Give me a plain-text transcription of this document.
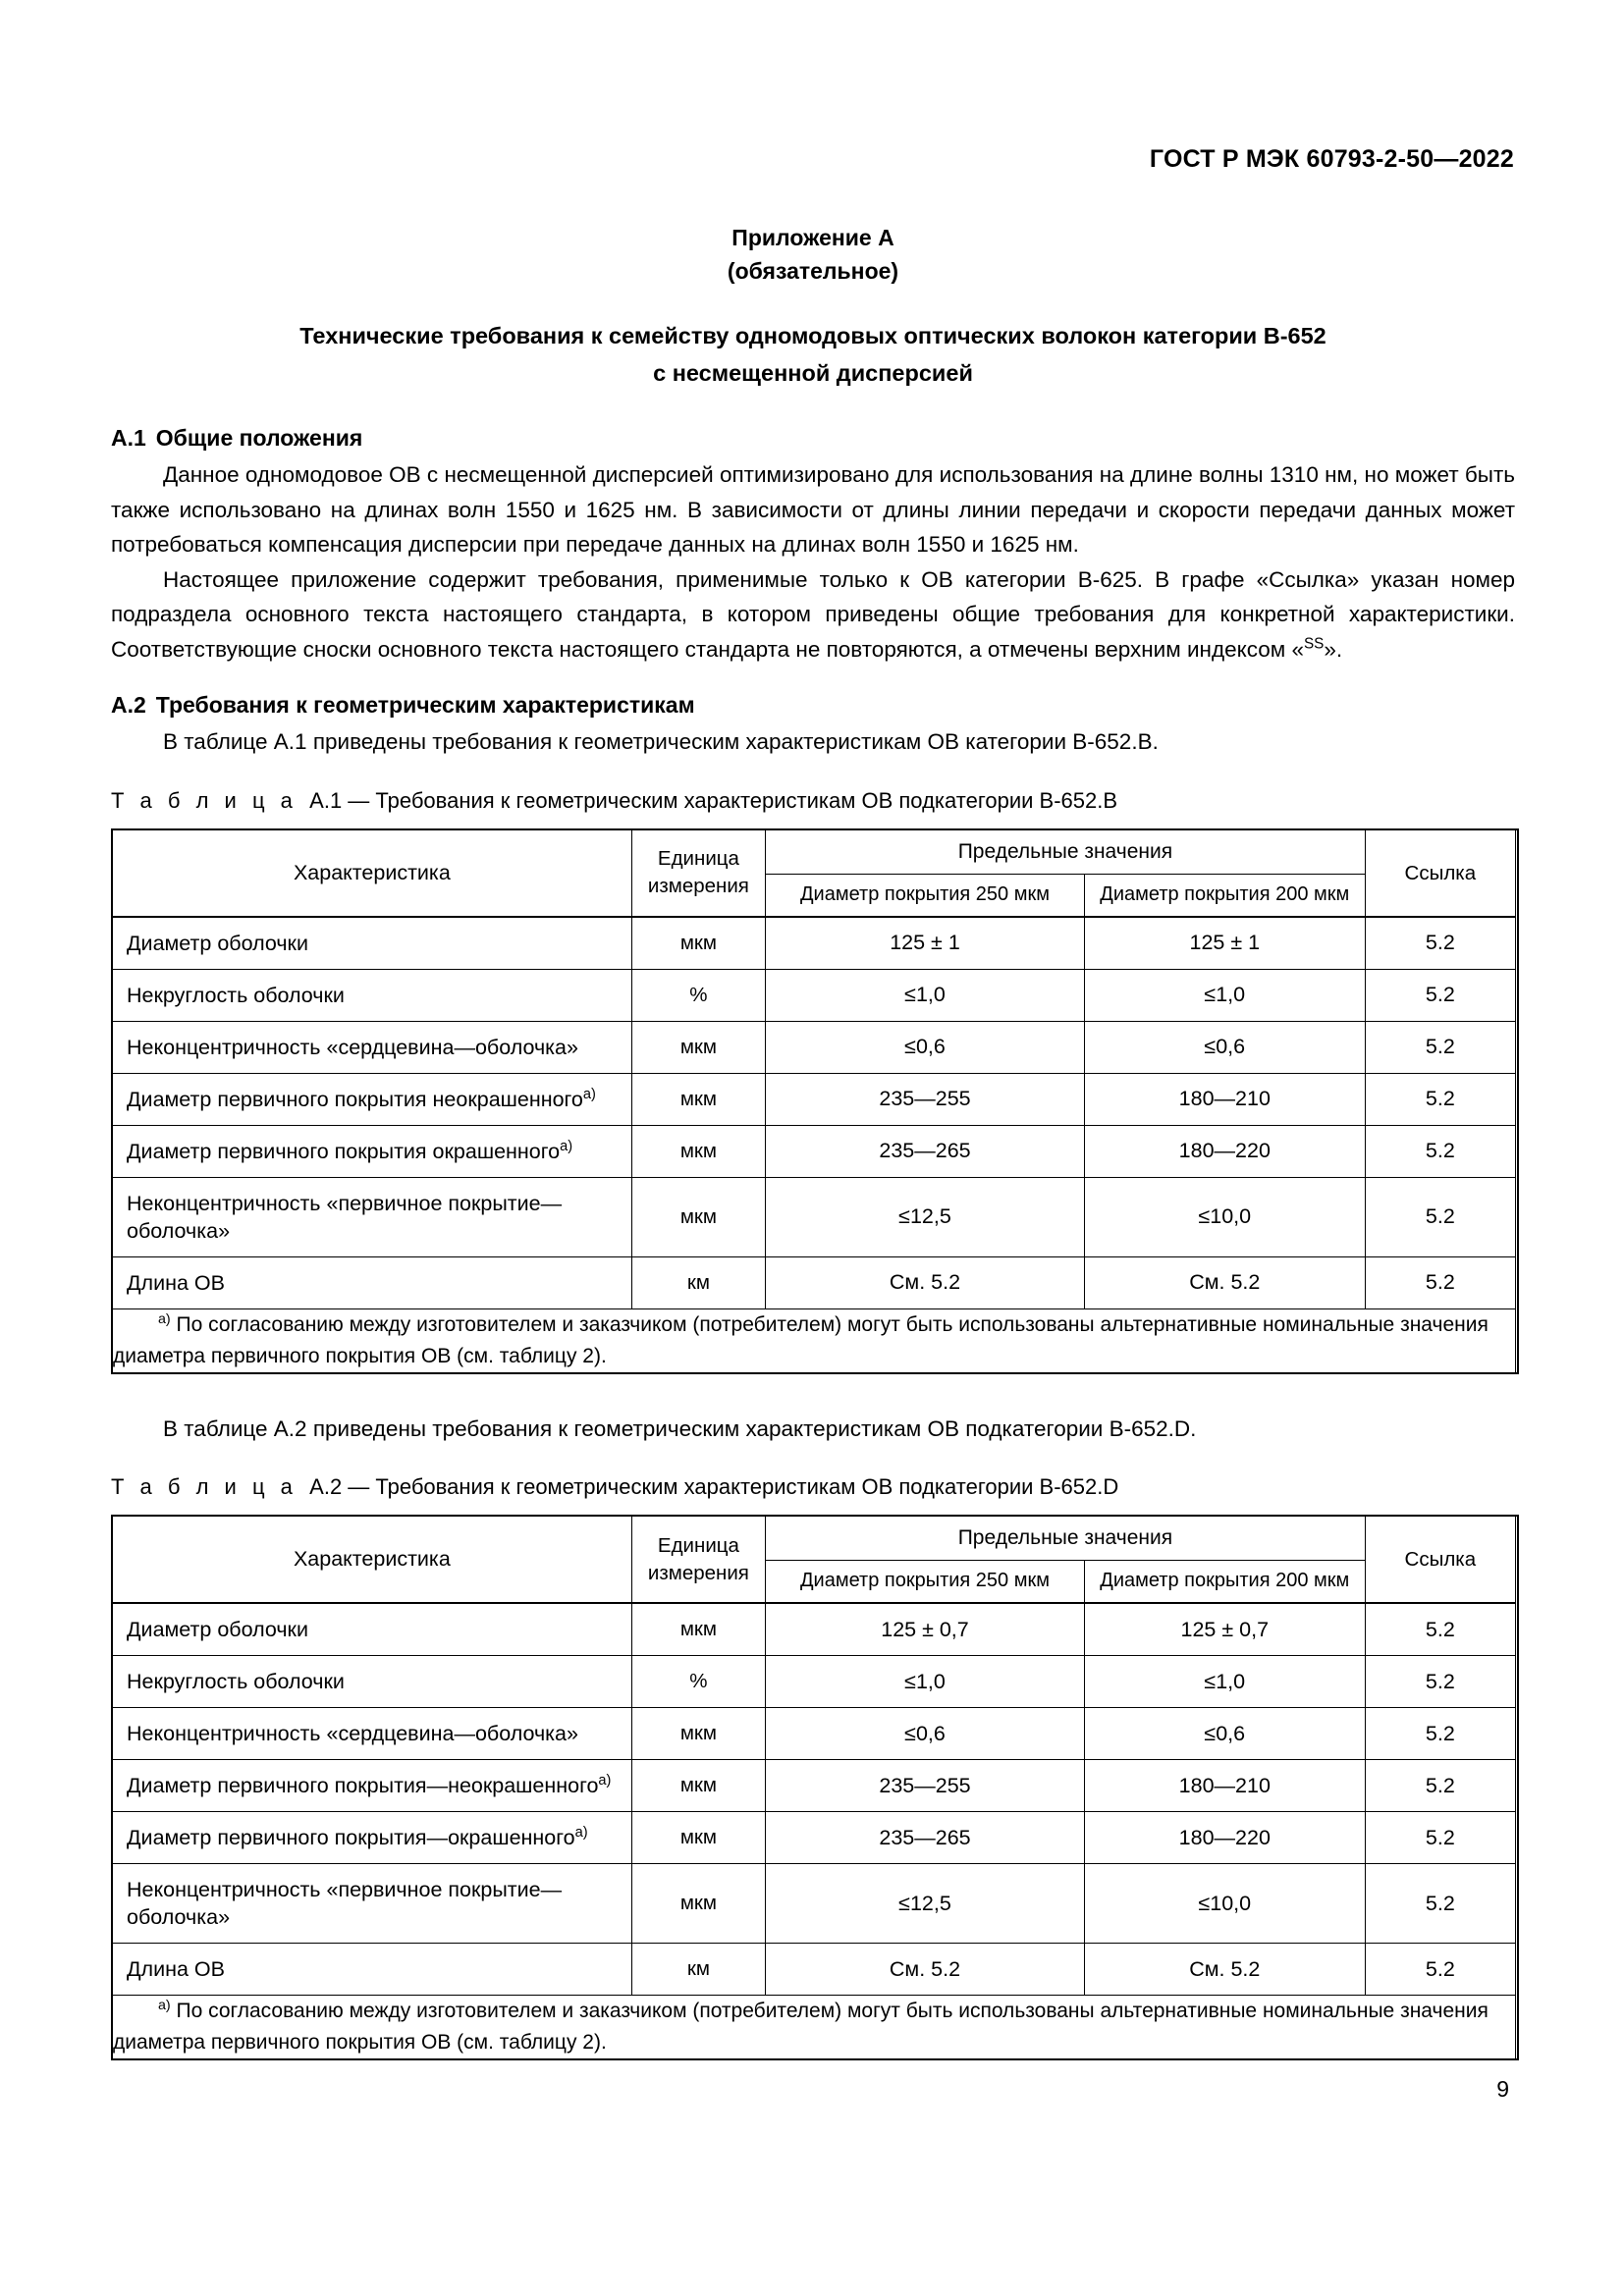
ГОСТ Р МЭК 60793-2-50—2022
Приложение А
(обязательное)
Технические требования к семейству одномодовых оптических волокон категории В-652
с несмещенной дисперсией
А.1 Общие положения

Данное одномодовое ОВ с несмещенной дисперсией оптимизировано для использования на длине волны 1310 нм, но может быть также использовано на длинах волн 1550 и 1625 нм. В зависимости от длины линии передачи и скорости передачи данных может потребоваться компенсация дисперсии при передаче данных на длинах волн 1550 и 1625 нм.

Настоящее приложение содержит требования, применимые только к ОВ категории В-625. В графе «Ссылка» указан номер подраздела основного текста настоящего стандарта, в котором приведены общие требования для конкретной характеристики. Соответствующие сноски основного текста настоящего стандарта не повторяются, а отмечены верхним индексом «$^{SS}$».

А.2 Требования к геометрическим характеристикам

В таблице А.1 приведены требования к геометрическим характеристикам ОВ категории В-652.В.

Т а б л и ц а А.1 — Требования к геометрическим характеристикам ОВ подкатегории В-652.В
Характеристика	Единица измерения	Предельные значения		Ссылка
		Диаметр покрытия 250 мкм	Диаметр покрытия 200 мкм	
Диаметр оболочки	мкм	125 ± 1	125 ± 1	5.2
Некруглость оболочки	%	≤1,0	≤1,0	5.2
Неконцентричность «сердцевина—оболочка»	мкм	≤0,6	≤0,6	5.2
Диаметр первичного покрытия неокрашенного$^{a)}$	мкм	235—255	180—210	5.2
Диаметр первичного покрытия окрашенного$^{a)}$	мкм	235—265	180—220	5.2
Неконцентричность «первичное покрытие—оболочка»	мкм	≤12,5	≤10,0	5.2
Длина ОВ	км	См. 5.2	См. 5.2	5.2

$^{a)}$ По согласованию между изготовителем и заказчиком (потребителем) могут быть использованы альтернативные номинальные значения диаметра первичного покрытия ОВ (см. таблицу 2).				

В таблице А.2 приведены требования к геометрическим характеристикам ОВ подкатегории В-652.D.

Т а б л и ц а А.2 — Требования к геометрическим характеристикам ОВ подкатегории В-652.D
Характеристика	Единица измерения	Предельные значения		Ссылка
		Диаметр покрытия 250 мкм	Диаметр покрытия 200 мкм	
Диаметр оболочки	мкм	125 ± 0,7	125 ± 0,7	5.2
Некруглость оболочки	%	≤1,0	≤1,0	5.2
Неконцентричность «сердцевина—оболочка»	мкм	≤0,6	≤0,6	5.2
Диаметр первичного покрытия—неокрашенного$^{a)}$	мкм	235—255	180—210	5.2
Диаметр первичного покрытия—окрашенного$^{a)}$	мкм	235—265	180—220	5.2
Неконцентричность «первичное покрытие—оболочка»	мкм	≤12,5	≤10,0	5.2
Длина ОВ	км	См. 5.2	См. 5.2	5.2

$^{a)}$ По согласованию между изготовителем и заказчиком (потребителем) могут быть использованы альтернативные номинальные значения диаметра первичного покрытия ОВ (см. таблицу 2).				
9
